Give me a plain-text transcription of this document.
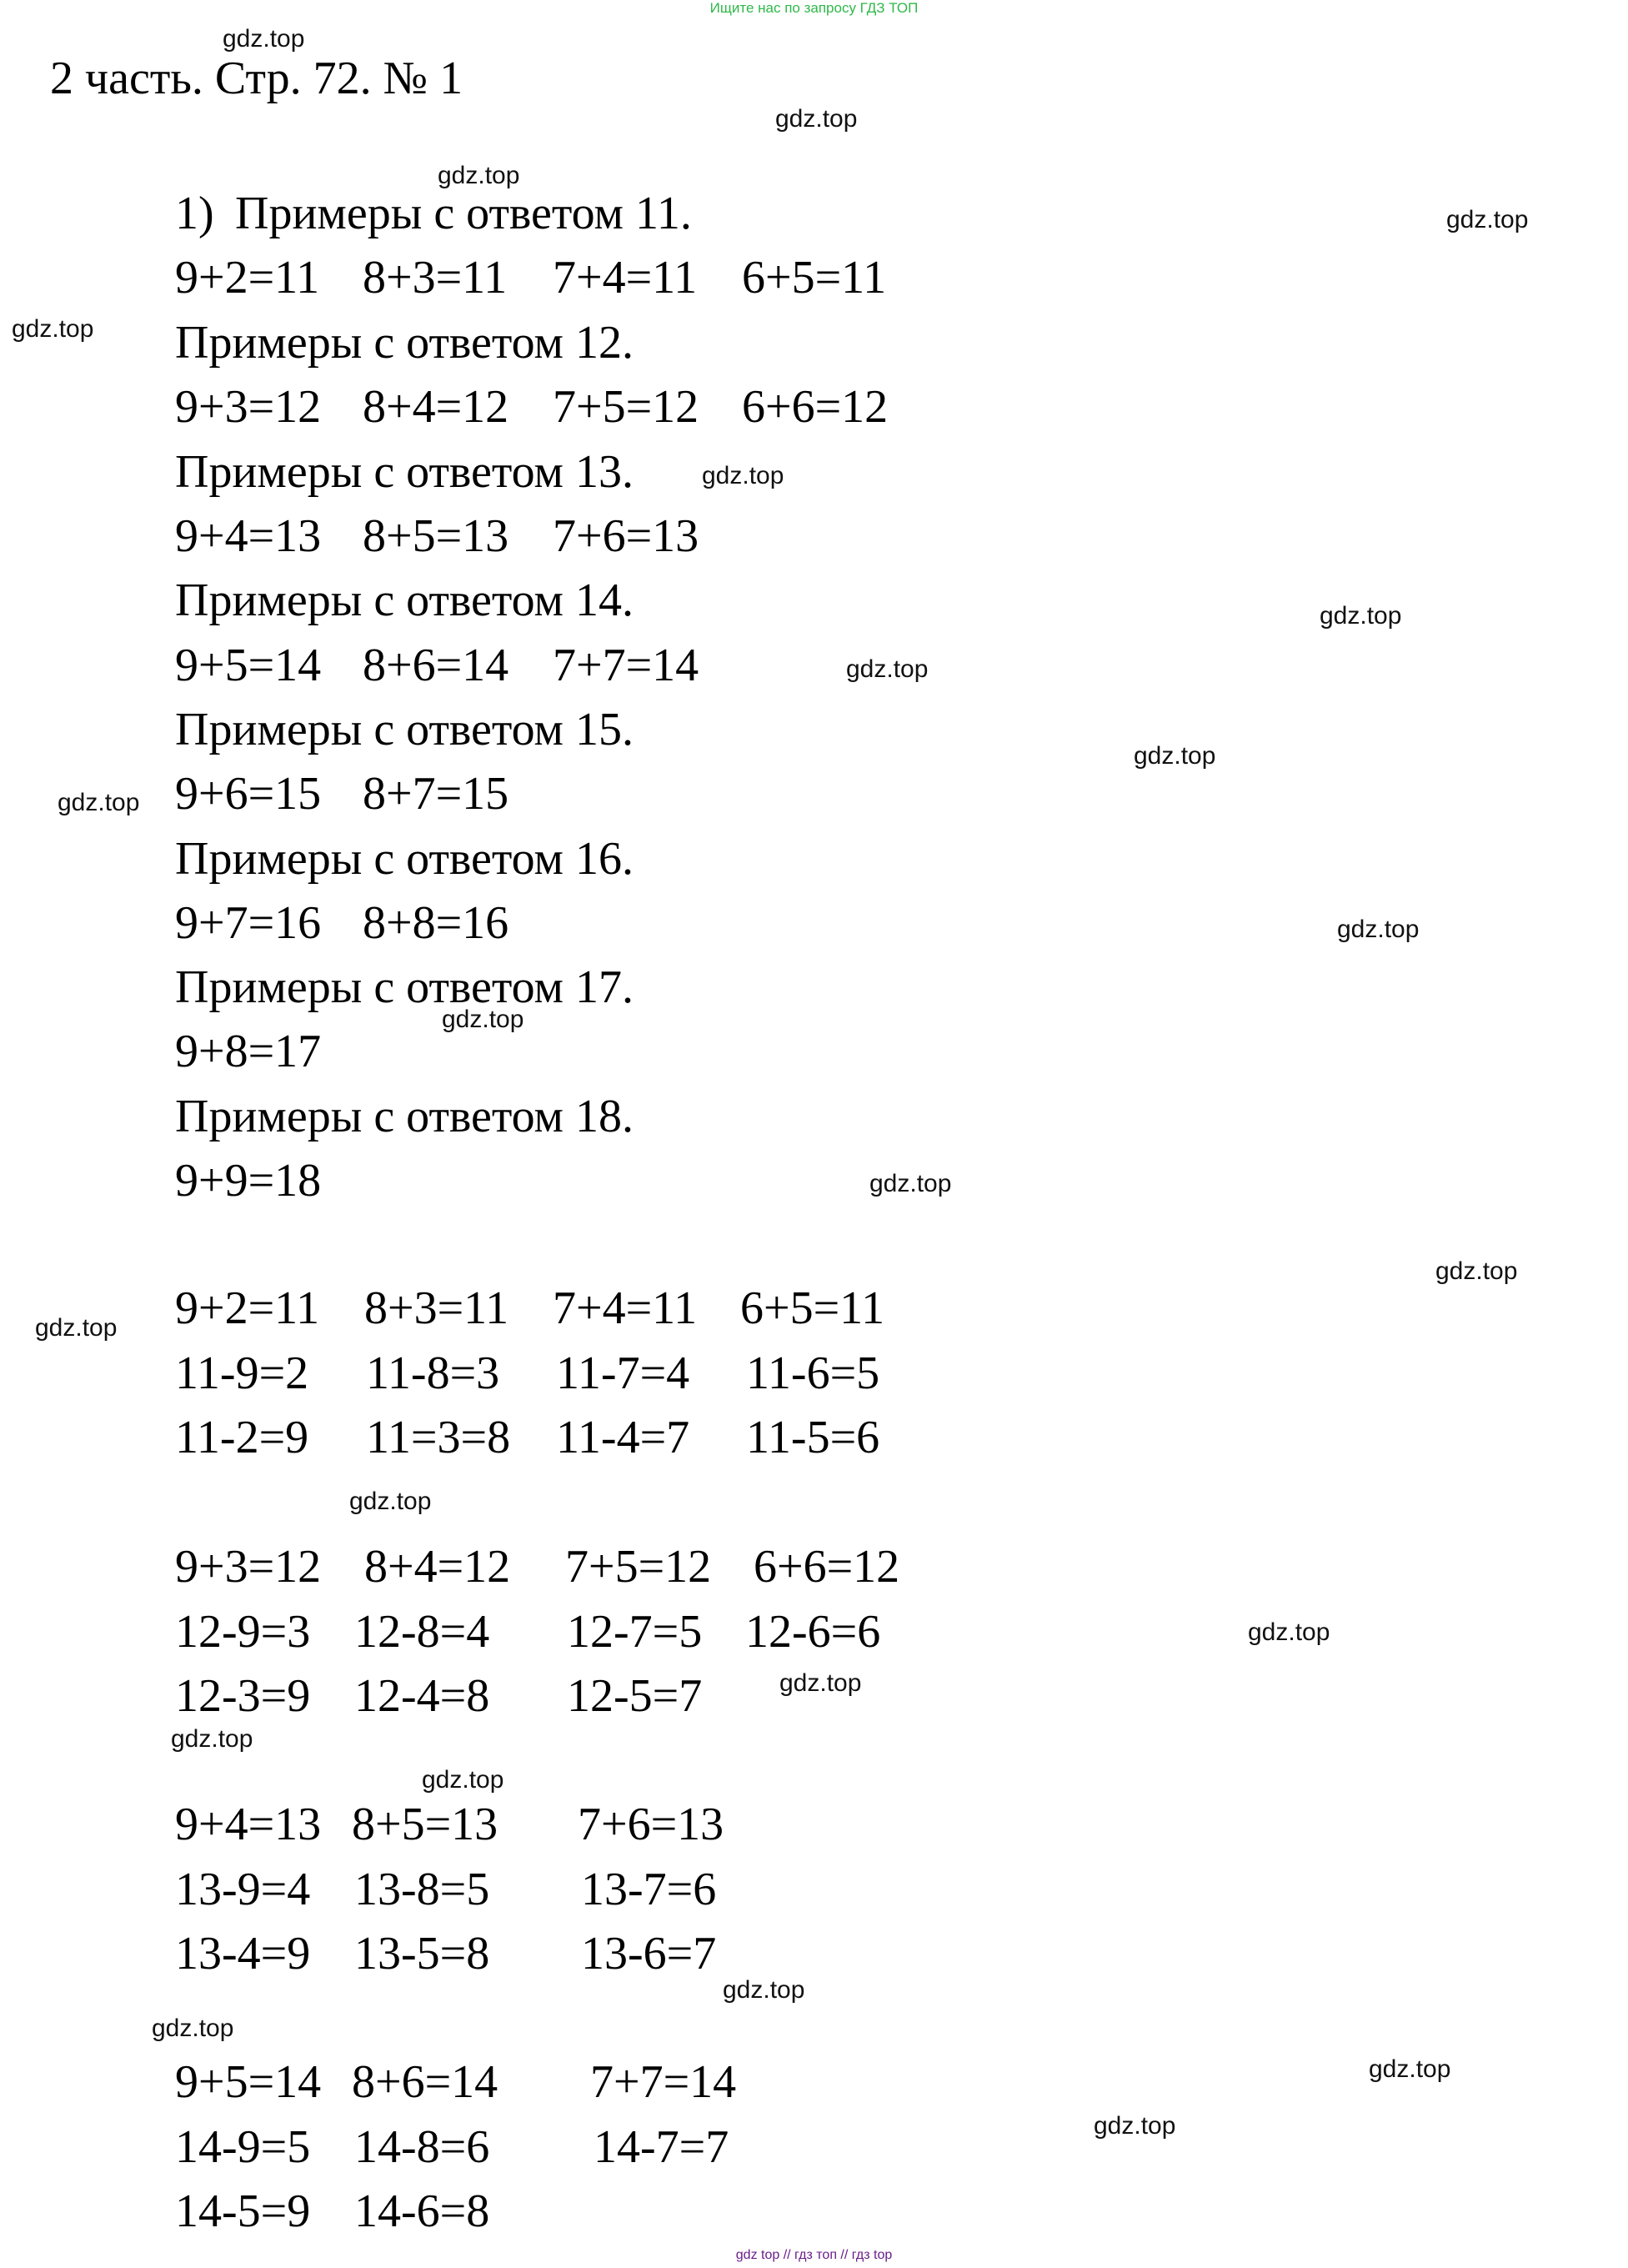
Ищите нас по запросу ГДЗ ТОП
2 часть. Стр. 72. № 1
1) Примеры с ответом 11.
9+2=11 8+3=11 7+4=11 6+5=11
Примеры с ответом 12.
9+3=12 8+4=12 7+5=12 6+6=12
Примеры с ответом 13.
9+4=13 8+5=13 7+6=13
Примеры с ответом 14.
9+5=14 8+6=14 7+7=14
Примеры с ответом 15.
9+6=15 8+7=15
Примеры с ответом 16.
9+7=16 8+8=16
Примеры с ответом 17.
9+8=17
Примеры с ответом 18.
9+9=18
9+2=11 8+3=11 7+4=11 6+5=11
11-9=2 11-8=3 11-7=4 11-6=5
11-2=9 11=3=8 11-4=7 11-5=6
9+3=12 8+4=12 7+5=12 6+6=12
12-9=3 12-8=4 12-7=5 12-6=6
12-3=9 12-4=8 12-5=7
9+4=13 8+5=13 7+6=13
13-9=4 13-8=5 13-7=6
13-4=9 13-5=8 13-6=7
9+5=14 8+6=14 7+7=14
14-9=5 14-8=6 14-7=7
14-5=9 14-6=8
gdz.top
gdz.top
gdz.top
gdz.top
gdz.top
gdz.top
gdz.top
gdz.top
gdz.top
gdz.top
gdz.top
gdz.top
gdz.top
gdz.top
gdz.top
gdz.top
gdz.top
gdz.top
gdz.top
gdz.top
gdz.top
gdz.top
gdz.top
gdz.top
gdz top // гдз топ // гдз top
